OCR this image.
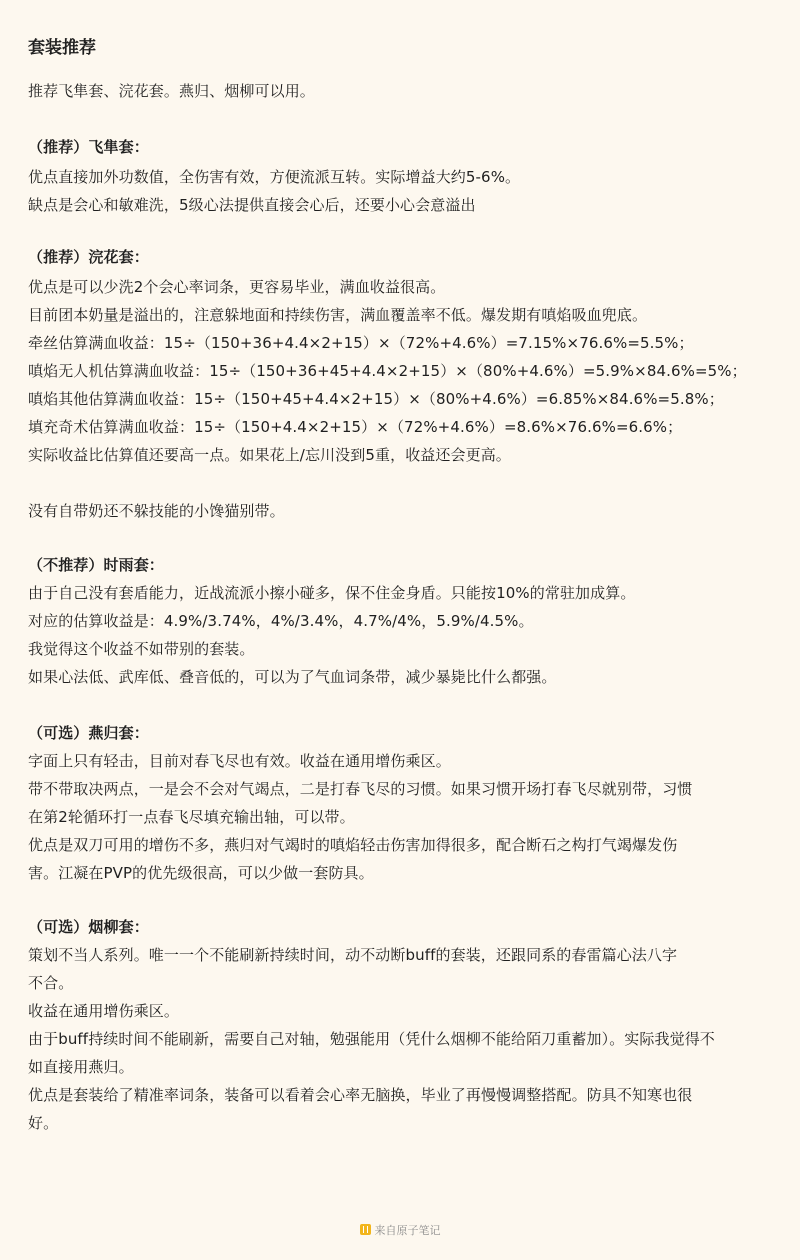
套装推荐
推荐飞隼套、浣花套。燕归、烟柳可以用。
（推荐）飞隼套：
优点直接加外功数值，全伤害有效，方便流派互转。实际增益大约5-6%。
缺点是会心和敏难洗，5级心法提供直接会心后，还要小心会意溢出
（推荐）浣花套：
优点是可以少洗2个会心率词条，更容易毕业，满血收益很高。
目前团本奶量是溢出的，注意躲地面和持续伤害，满血覆盖率不低。爆发期有嗔焰吸血兜底。
牵丝估算满血收益：15÷（150+36+4.4×2+15）×（72%+4.6%）=7.15%×76.6%=5.5%；
嗔焰无人机估算满血收益：15÷（150+36+45+4.4×2+15）×（80%+4.6%）=5.9%×84.6%=5%；
嗔焰其他估算满血收益：15÷（150+45+4.4×2+15）×（80%+4.6%）=6.85%×84.6%=5.8%；
填充奇术估算满血收益：15÷（150+4.4×2+15）×（72%+4.6%）=8.6%×76.6%=6.6%；
实际收益比估算值还要高一点。如果花上/忘川没到5重，收益还会更高。
没有自带奶还不躲技能的小馋猫别带。
（不推荐）时雨套：
由于自己没有套盾能力，近战流派小擦小碰多，保不住金身盾。只能按10%的常驻加成算。
对应的估算收益是：4.9%/3.74%，4%/3.4%，4.7%/4%，5.9%/4.5%。
我觉得这个收益不如带别的套装。
如果心法低、武库低、叠音低的，可以为了气血词条带，减少暴毙比什么都强。
（可选）燕归套：
字面上只有轻击，目前对春飞尽也有效。收益在通用增伤乘区。
带不带取决两点，一是会不会对气竭点，二是打春飞尽的习惯。如果习惯开场打春飞尽就别带，习惯
在第2轮循环打一点春飞尽填充输出轴，可以带。
优点是双刀可用的增伤不多，燕归对气竭时的嗔焰轻击伤害加得很多，配合断石之构打气竭爆发伤
害。江凝在PVP的优先级很高，可以少做一套防具。
（可选）烟柳套：
策划不当人系列。唯一一个不能刷新持续时间，动不动断buff的套装，还跟同系的春雷篇心法八字
不合。
收益在通用增伤乘区。
由于buff持续时间不能刷新，需要自己对轴，勉强能用（凭什么烟柳不能给陌刀重蓄加）。实际我觉得不
如直接用燕归。
优点是套装给了精准率词条，装备可以看着会心率无脑换，毕业了再慢慢调整搭配。防具不知寒也很
好。
来自原子笔记
